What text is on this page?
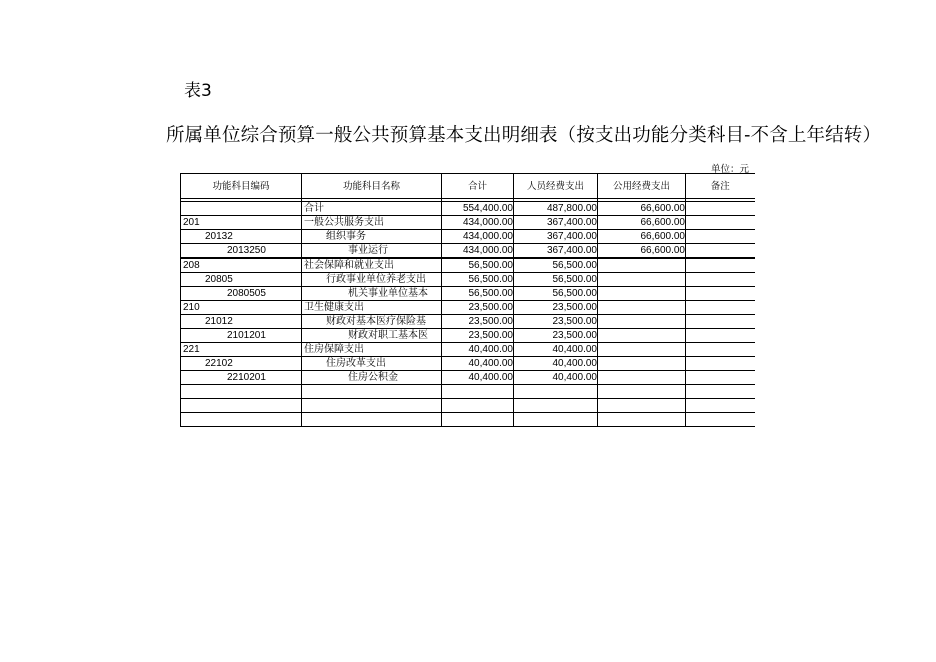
表3
所属单位综合预算一般公共预算基本支出明细表（按支出功能分类科目-不含上年结转）
单位：元
功能科目编码	功能科目名称	合计	人员经费支出	公用经费支出	备注

	合计	554,400.00	487,800.00	66,600.00	
201	一般公共服务支出	434,000.00	367,400.00	66,600.00	
20132	组织事务	434,000.00	367,400.00	66,600.00	
2013250	事业运行	434,000.00	367,400.00	66,600.00	
208	社会保障和就业支出	56,500.00	56,500.00		
20805	行政事业单位养老支出	56,500.00	56,500.00		
2080505	机关事业单位基本	56,500.00	56,500.00		
210	卫生健康支出	23,500.00	23,500.00		
21012	财政对基本医疗保险基	23,500.00	23,500.00		
2101201	财政对职工基本医	23,500.00	23,500.00		
221	住房保障支出	40,400.00	40,400.00		
22102	住房改革支出	40,400.00	40,400.00		
2210201	住房公积金	40,400.00	40,400.00		
